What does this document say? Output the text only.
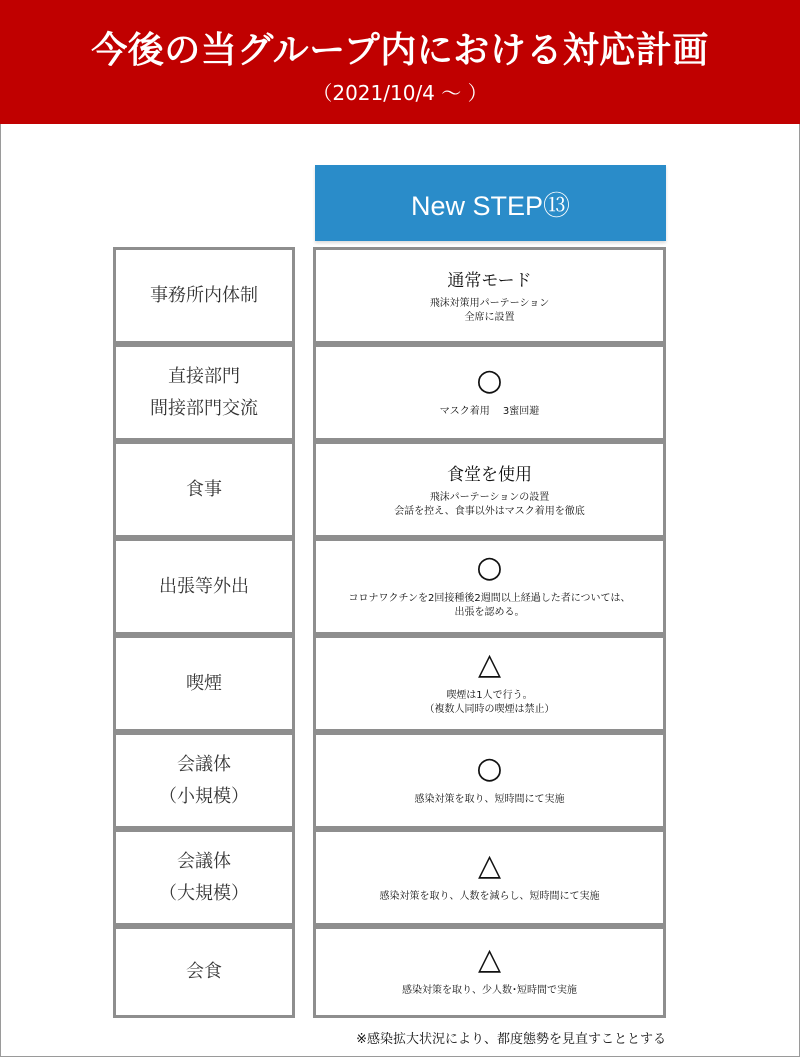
今後の当グループ内における対応計画
（2021/10/4 ～ ）
New STEP⑬
事務所内体制
通常モード
飛沫対策用パーテーション
全席に設置
直接部門
間接部門交流
○
マスク着用　 3蜜回避
食事
食堂を使用
飛沫パーテーションの設置
会話を控え、食事以外はマスク着用を徹底
出張等外出
○
コロナワクチンを2回接種後2週間以上経過した者については、
出張を認める。
喫煙
△
喫煙は1人で行う。
（複数人同時の喫煙は禁止）
会議体
（小規模）
○
感染対策を取り、短時間にて実施
会議体
（大規模）
△
感染対策を取り、人数を減らし、短時間にて実施
会食	△
感染対策を取り、少人数･短時間で実施
※感染拡大状況により、都度態勢を見直すこととする
